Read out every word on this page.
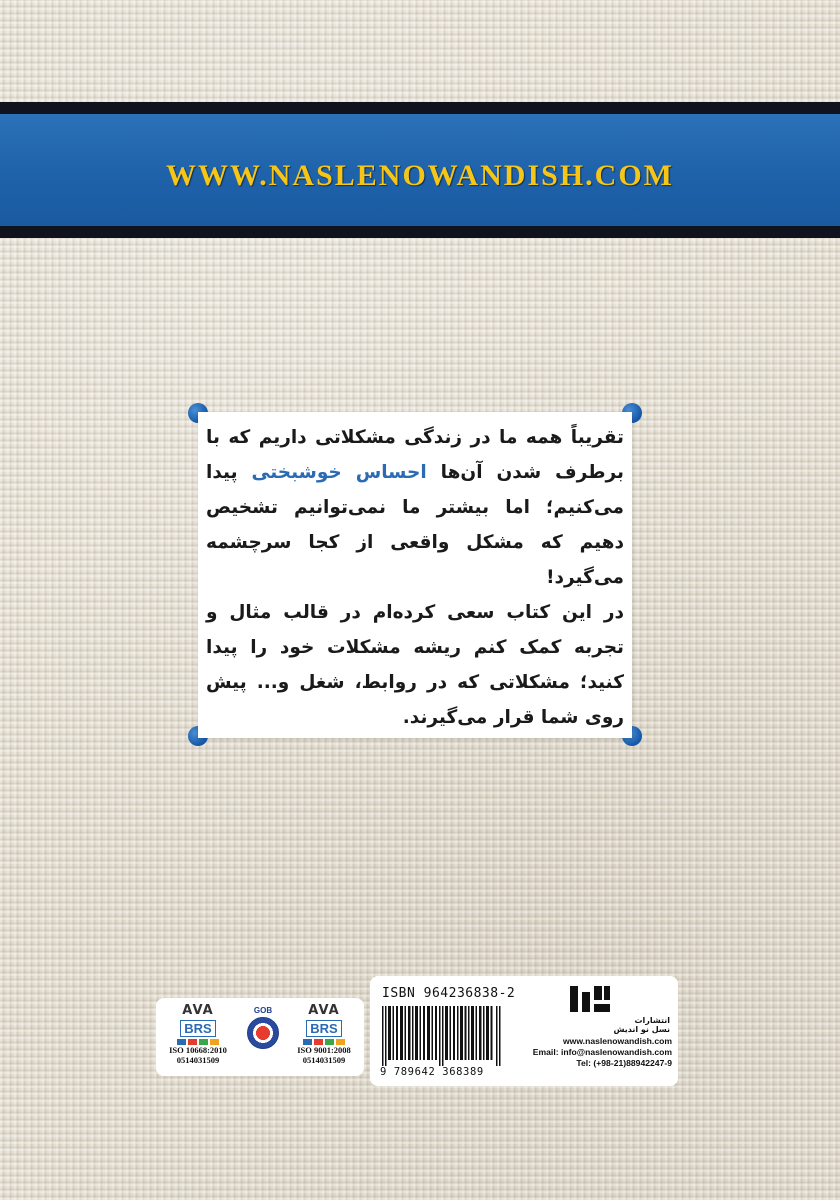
WWW.NASLENOWANDISH.COM

تقریباً همه ما در زندگی مشکلاتی داریم که با برطرف شدن آن‌ها احساس خوشبختی پیدا می‌کنیم؛ اما بیشتر ما نمی‌توانیم تشخیص دهیم که مشکل واقعی از کجا سرچشمه می‌گیرد!

در این کتاب سعی کرده‌ام در قالب مثال و تجربه کمک کنم ریشه مشکلات خود را پیدا کنید؛ مشکلاتی که در روابط، شغل و... پیش روی شما قرار می‌گیرند.

AVA
BRS
ISO 10668:2010
0514031509
GOB	AVA
BRS
ISO 9001:2008
0514031509
ISBN 964236838-2
9 789642 368389
انتشارات
نسل نو اندیش
www.naslenowandish.com
Email: info@naslenowandish.com
Tel: (+98-21)88942247-9
